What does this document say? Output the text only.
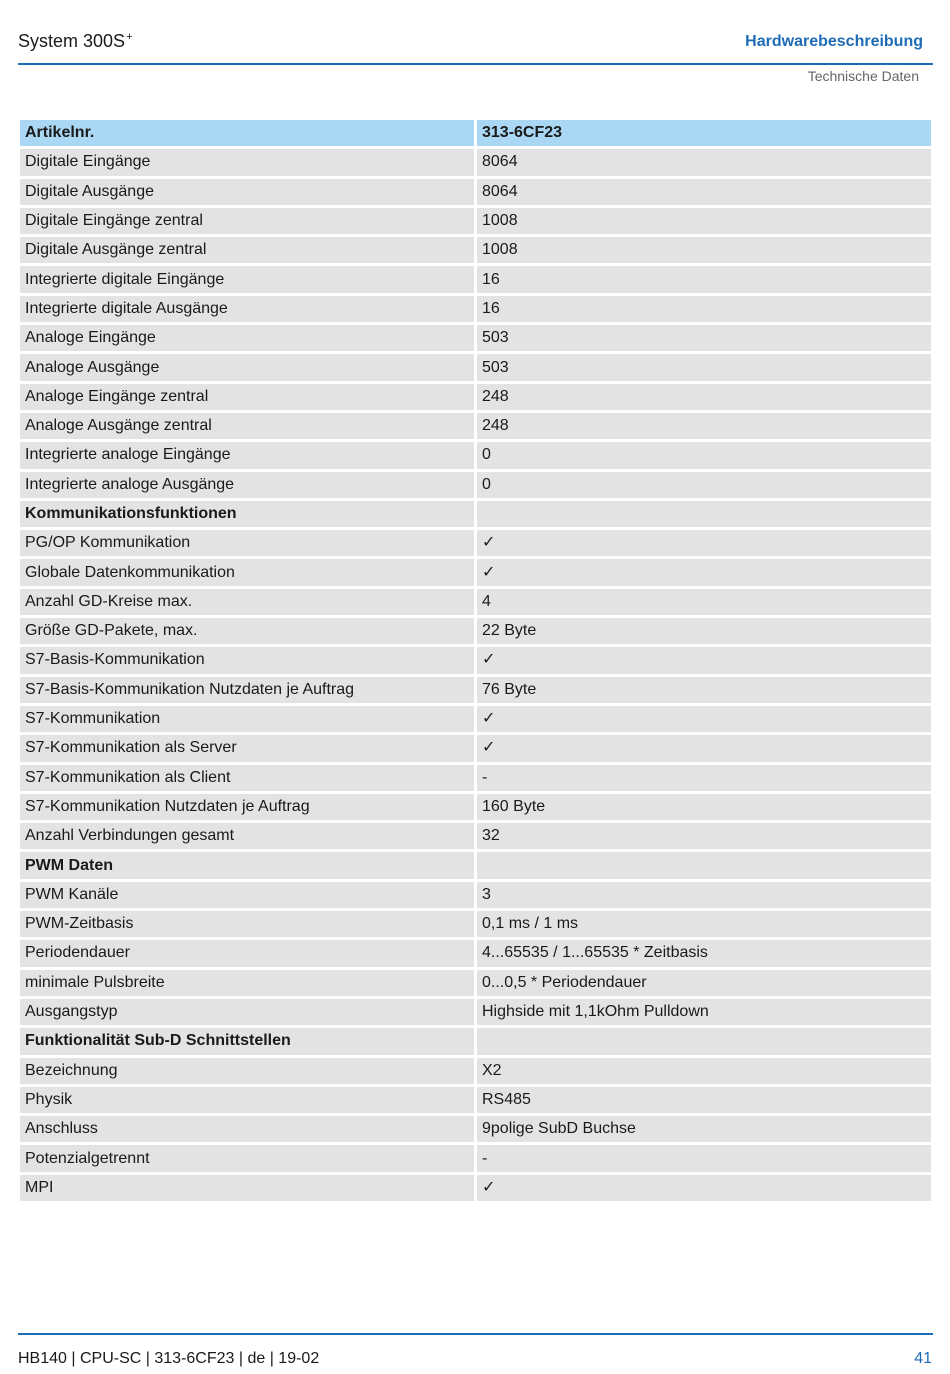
System 300S+	Hardwarebeschreibung
Technische Daten
Artikelnr.	313-6CF23
Digitale Eingänge	8064
Digitale Ausgänge	8064
Digitale Eingänge zentral	1008
Digitale Ausgänge zentral	1008
Integrierte digitale Eingänge	16
Integrierte digitale Ausgänge	16
Analoge Eingänge	503
Analoge Ausgänge	503
Analoge Eingänge zentral	248
Analoge Ausgänge zentral	248
Integrierte analoge Eingänge	0
Integrierte analoge Ausgänge	0
Kommunikationsfunktionen	
PG/OP Kommunikation	✓
Globale Datenkommunikation	✓
Anzahl GD-Kreise max.	4
Größe GD-Pakete, max.	22 Byte
S7-Basis-Kommunikation	✓
S7-Basis-Kommunikation Nutzdaten je Auftrag	76 Byte
S7-Kommunikation	✓
S7-Kommunikation als Server	✓
S7-Kommunikation als Client	-
S7-Kommunikation Nutzdaten je Auftrag	160 Byte
Anzahl Verbindungen gesamt	32
PWM Daten	
PWM Kanäle	3
PWM-Zeitbasis	0,1 ms / 1 ms
Periodendauer	4...65535 / 1...65535 * Zeitbasis
minimale Pulsbreite	0...0,5 * Periodendauer
Ausgangstyp	Highside mit 1,1kOhm Pulldown
Funktionalität Sub-D Schnittstellen	
Bezeichnung	X2
Physik	RS485
Anschluss	9polige SubD Buchse
Potenzialgetrennt	-
MPI	✓
HB140 | CPU-SC | 313-6CF23 | de | 19-02	41
